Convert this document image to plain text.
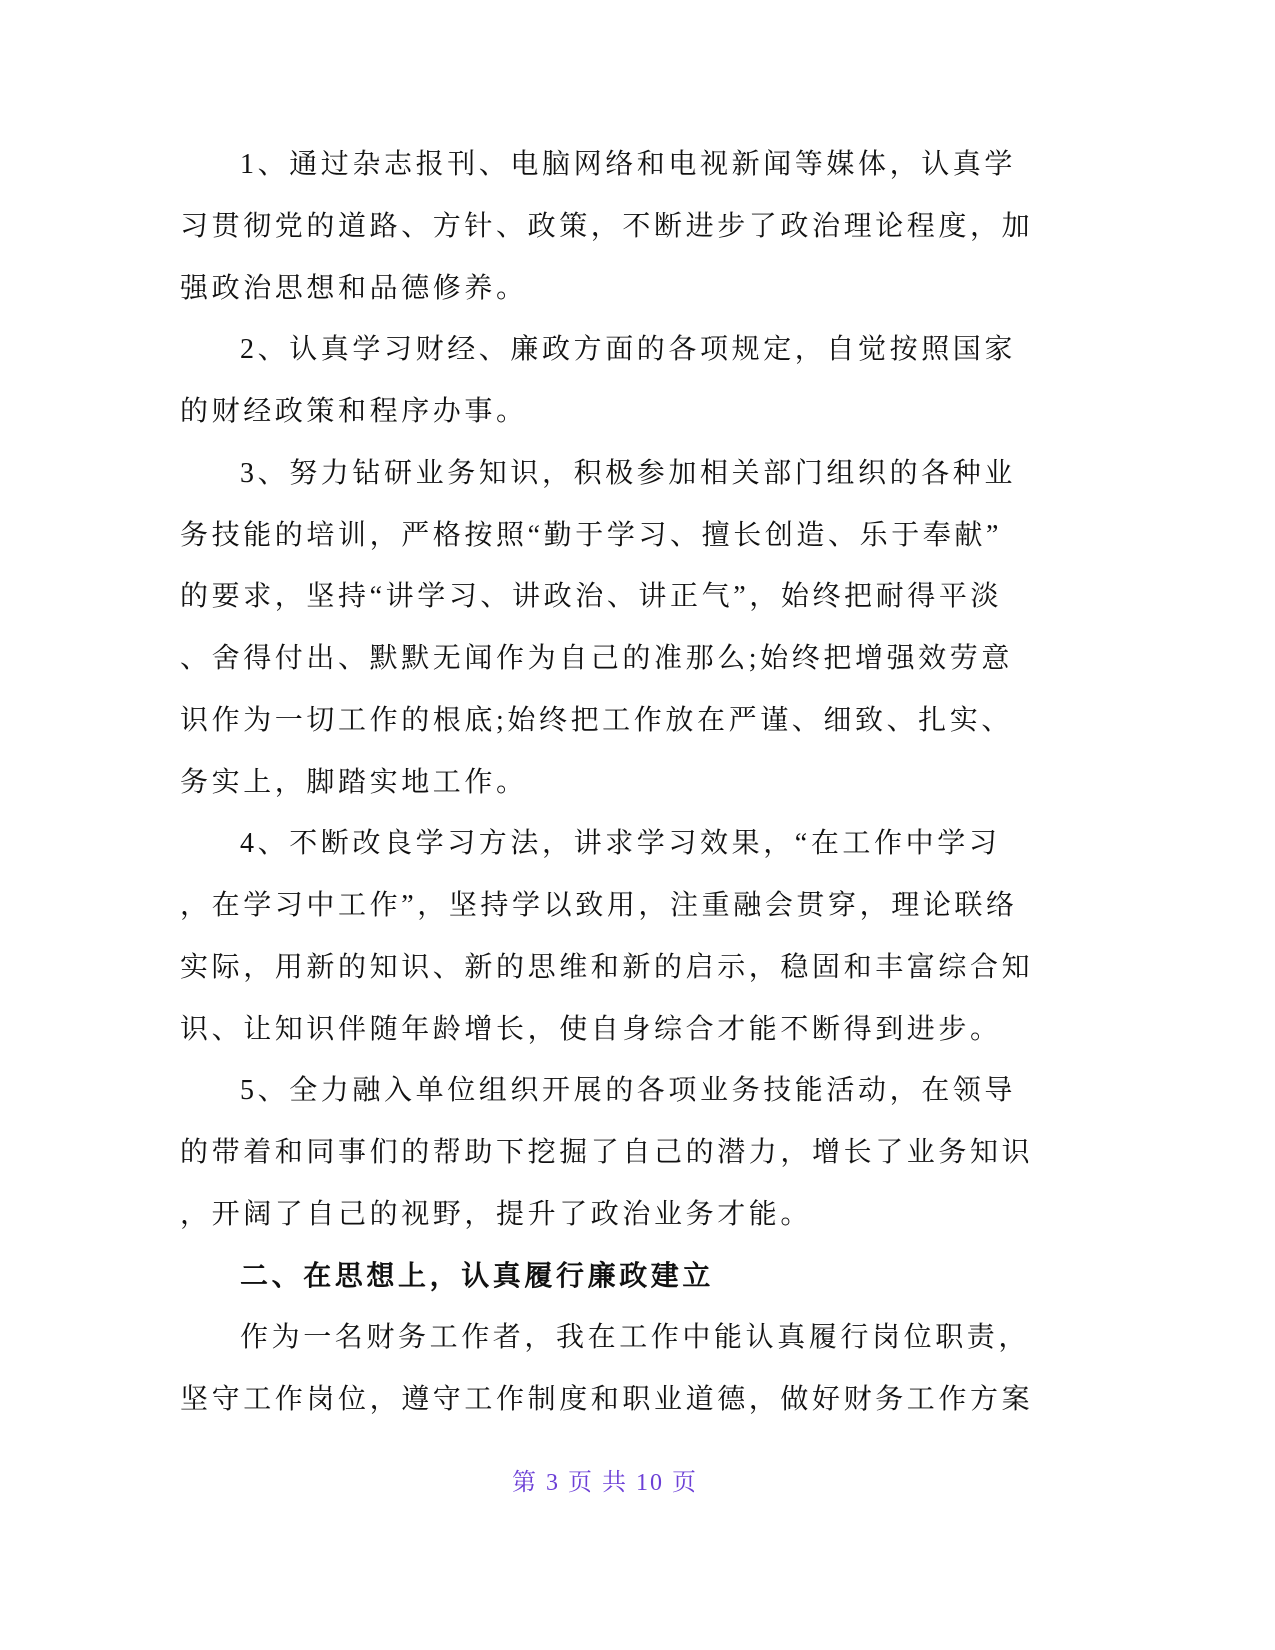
1、通过杂志报刊、电脑网络和电视新闻等媒体，认真学
习贯彻党的道路、方针、政策，不断进步了政治理论程度，加
强政治思想和品德修养。
2、认真学习财经、廉政方面的各项规定，自觉按照国家
的财经政策和程序办事。
3、努力钻研业务知识，积极参加相关部门组织的各种业
务技能的培训，严格按照“勤于学习、擅长创造、乐于奉献”
的要求，坚持“讲学习、讲政治、讲正气”，始终把耐得平淡
、舍得付出、默默无闻作为自己的准那么;始终把增强效劳意
识作为一切工作的根底;始终把工作放在严谨、细致、扎实、
务实上，脚踏实地工作。
4、不断改良学习方法，讲求学习效果，“在工作中学习
，在学习中工作”，坚持学以致用，注重融会贯穿，理论联络
实际，用新的知识、新的思维和新的启示，稳固和丰富综合知
识、让知识伴随年龄增长，使自身综合才能不断得到进步。
5、全力融入单位组织开展的各项业务技能活动，在领导
的带着和同事们的帮助下挖掘了自己的潜力，增长了业务知识
，开阔了自己的视野，提升了政治业务才能。
二、在思想上，认真履行廉政建立
作为一名财务工作者，我在工作中能认真履行岗位职责，
坚守工作岗位，遵守工作制度和职业道德，做好财务工作方案
第 3 页 共 10 页
